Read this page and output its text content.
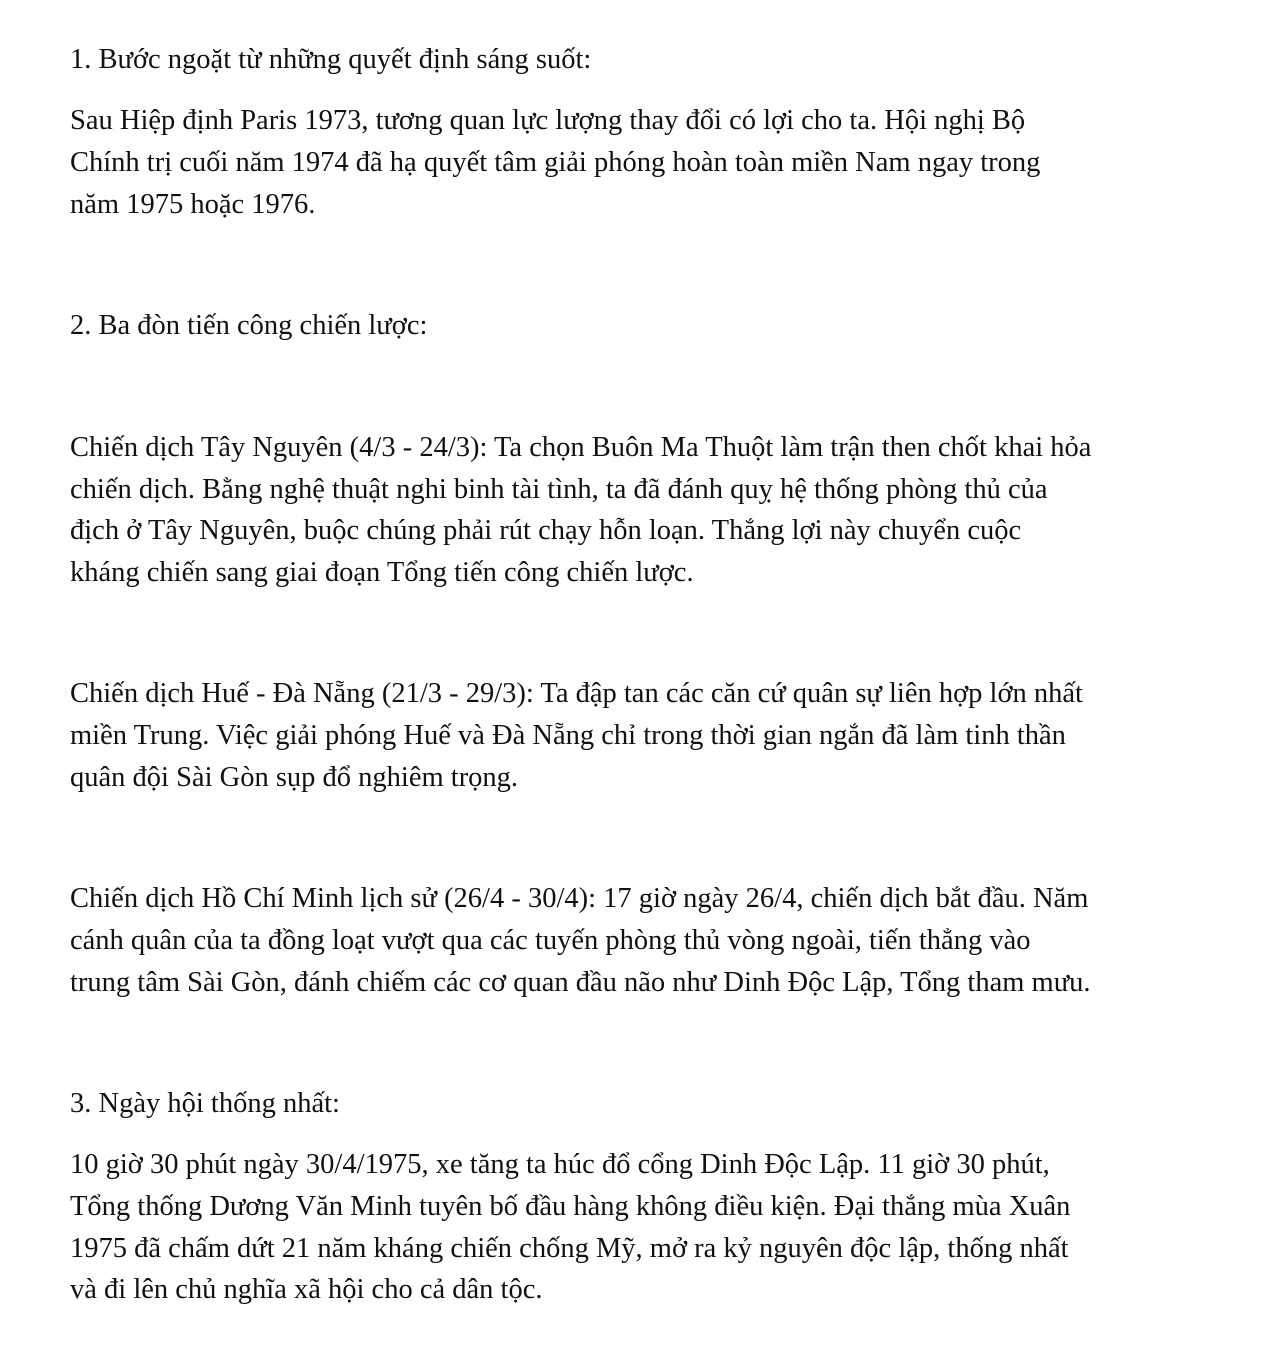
1. Bước ngoặt từ những quyết định sáng suốt:
Sau Hiệp định Paris 1973, tương quan lực lượng thay đổi có lợi cho ta. Hội nghị Bộ
Chính trị cuối năm 1974 đã hạ quyết tâm giải phóng hoàn toàn miền Nam ngay trong
năm 1975 hoặc 1976.
2. Ba đòn tiến công chiến lược:
Chiến dịch Tây Nguyên (4/3 - 24/3): Ta chọn Buôn Ma Thuột làm trận then chốt khai hỏa
chiến dịch. Bằng nghệ thuật nghi binh tài tình, ta đã đánh quỵ hệ thống phòng thủ của
địch ở Tây Nguyên, buộc chúng phải rút chạy hỗn loạn. Thắng lợi này chuyển cuộc
kháng chiến sang giai đoạn Tổng tiến công chiến lược.
Chiến dịch Huế - Đà Nẵng (21/3 - 29/3): Ta đập tan các căn cứ quân sự liên hợp lớn nhất
miền Trung. Việc giải phóng Huế và Đà Nẵng chỉ trong thời gian ngắn đã làm tinh thần
quân đội Sài Gòn sụp đổ nghiêm trọng.
Chiến dịch Hồ Chí Minh lịch sử (26/4 - 30/4): 17 giờ ngày 26/4, chiến dịch bắt đầu. Năm
cánh quân của ta đồng loạt vượt qua các tuyến phòng thủ vòng ngoài, tiến thẳng vào
trung tâm Sài Gòn, đánh chiếm các cơ quan đầu não như Dinh Độc Lập, Tổng tham mưu.
3. Ngày hội thống nhất:
10 giờ 30 phút ngày 30/4/1975, xe tăng ta húc đổ cổng Dinh Độc Lập. 11 giờ 30 phút,
Tổng thống Dương Văn Minh tuyên bố đầu hàng không điều kiện. Đại thắng mùa Xuân
1975 đã chấm dứt 21 năm kháng chiến chống Mỹ, mở ra kỷ nguyên độc lập, thống nhất
và đi lên chủ nghĩa xã hội cho cả dân tộc.
